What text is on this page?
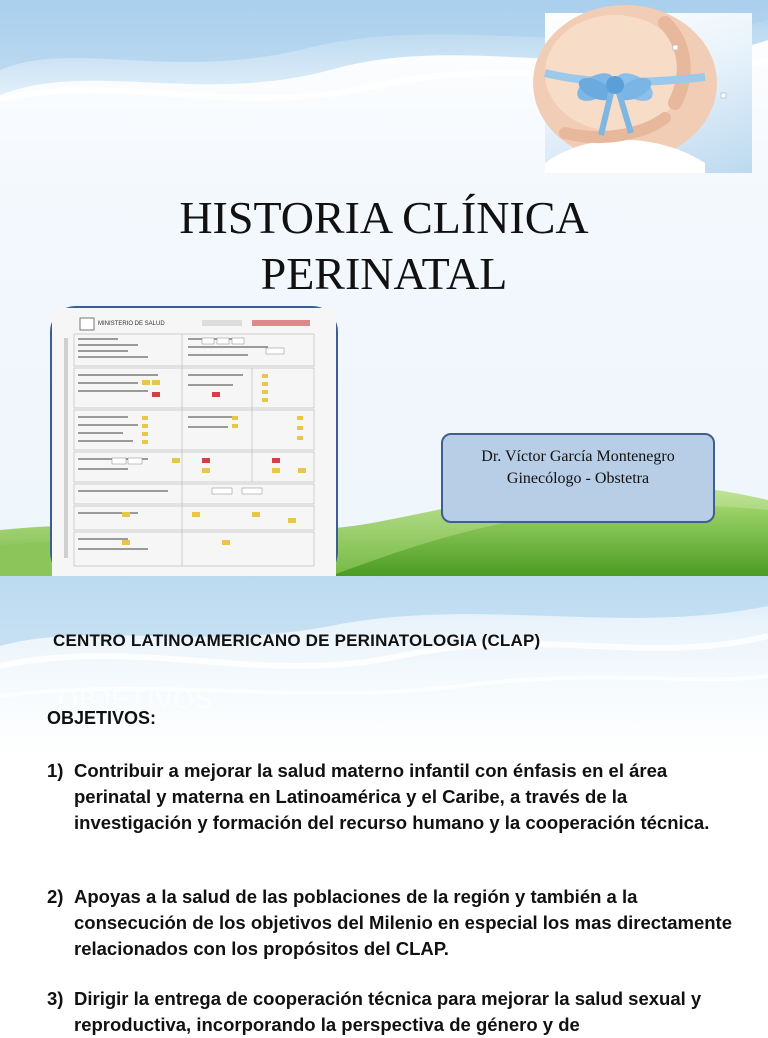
HISTORIA CLÍNICA
PERINATAL
MINISTERIO DE SALUD
Dr. Víctor García Montenegro
Ginecólogo - Obstetra
CENTRO LATINOAMERICANO DE PERINATOLOGIA (CLAP)
OBJETIVOS
OBJETIVOS:
1) Contribuir a mejorar la salud materno infantil con énfasis en el área perinatal y materna en Latinoamérica y el Caribe, a través de la investigación y formación del recurso humano y la cooperación técnica.
2) Apoyas a la salud de las poblaciones de la región y también a la consecución de los objetivos del Milenio en especial los mas directamente relacionados con los propósitos del CLAP.
3) Dirigir la entrega de cooperación técnica para mejorar la salud sexual y reproductiva, incorporando la perspectiva de género y de
